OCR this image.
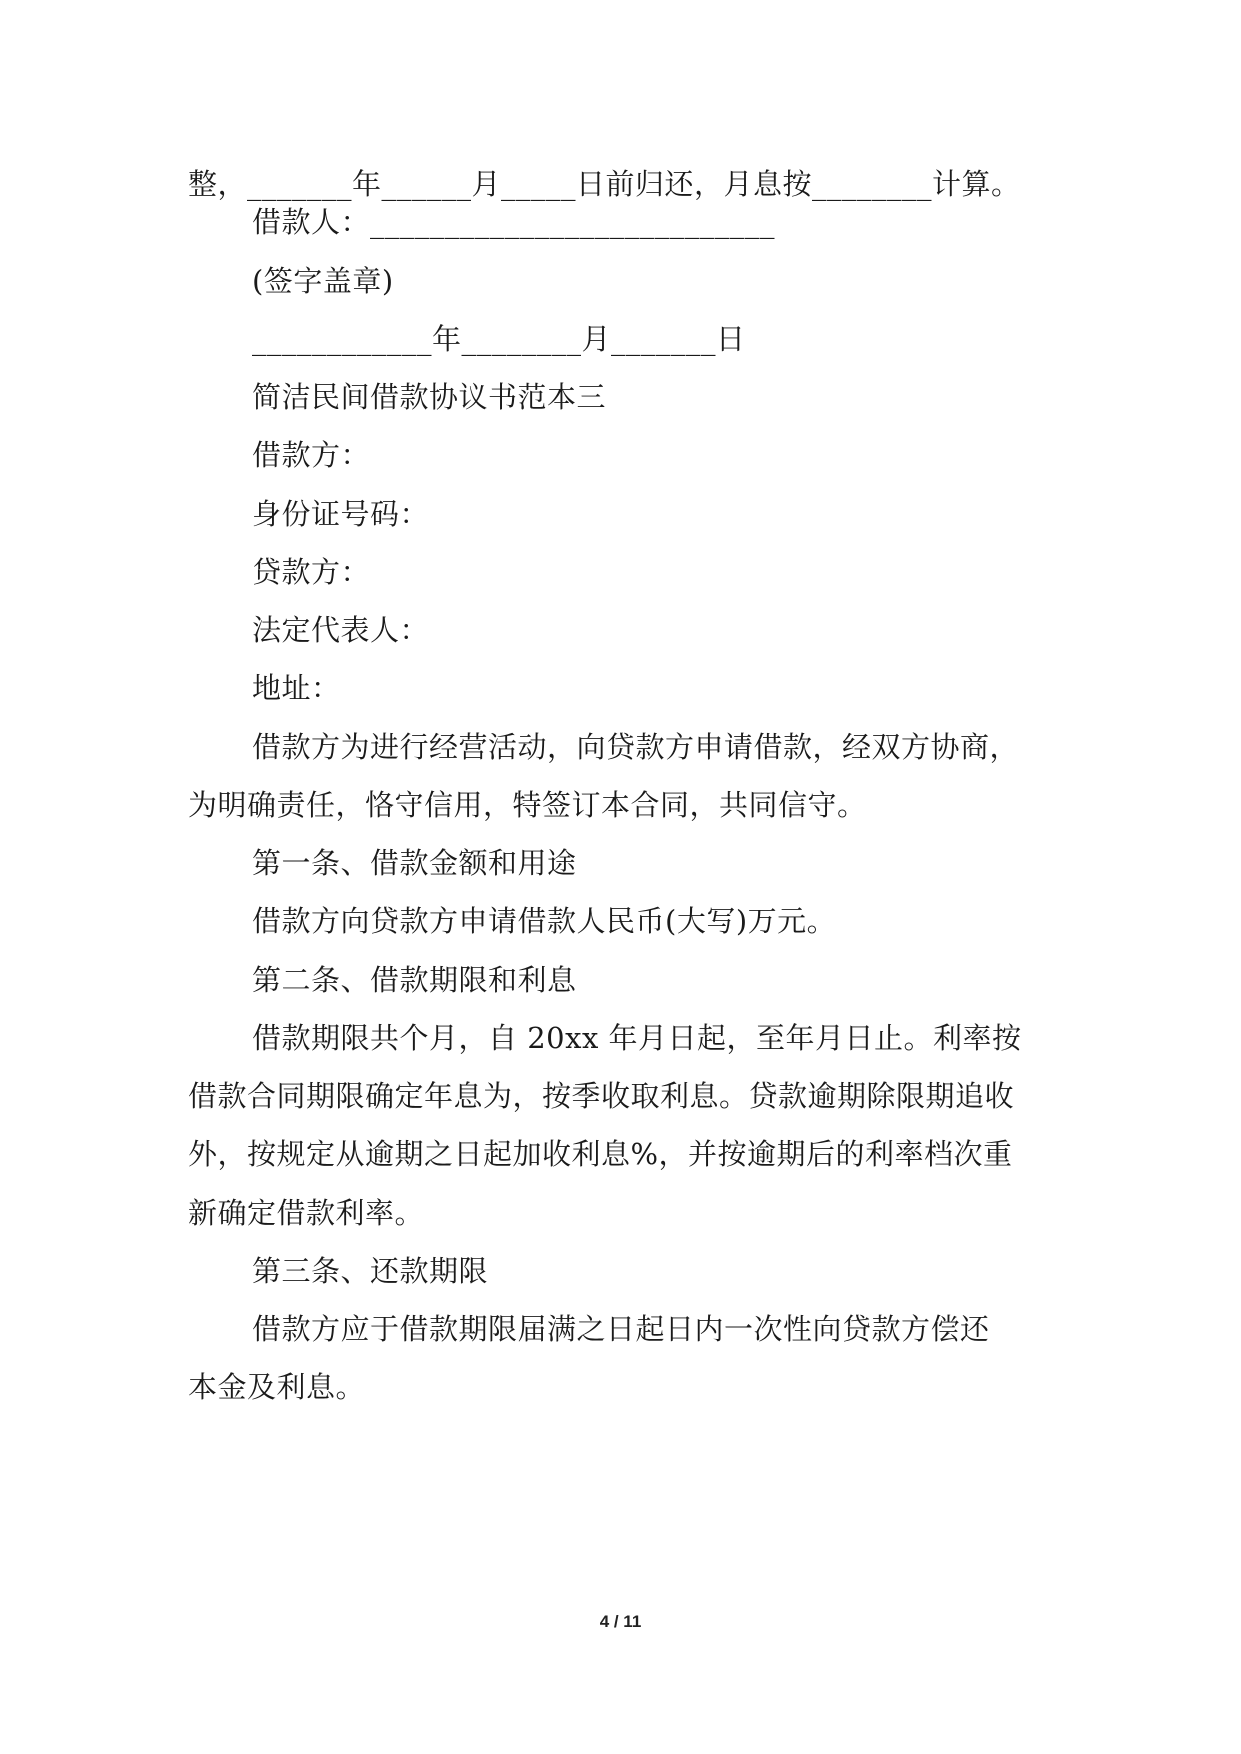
整，_______年______月_____日前归还，月息按________计算。
借款人：___________________________
(签字盖章)
____________年________月_______日
简洁民间借款协议书范本三
借款方：
身份证号码：
贷款方：
法定代表人：
地址：
借款方为进行经营活动，向贷款方申请借款，经双方协商，
为明确责任，恪守信用，特签订本合同，共同信守。
第一条、借款金额和用途
借款方向贷款方申请借款人民币(大写)万元。
第二条、借款期限和利息
借款期限共个月，自 20xx 年月日起，至年月日止。利率按
借款合同期限确定年息为，按季收取利息。贷款逾期除限期追收
外，按规定从逾期之日起加收利息%，并按逾期后的利率档次重
新确定借款利率。
第三条、还款期限
借款方应于借款期限届满之日起日内一次性向贷款方偿还
本金及利息。
4 / 11
